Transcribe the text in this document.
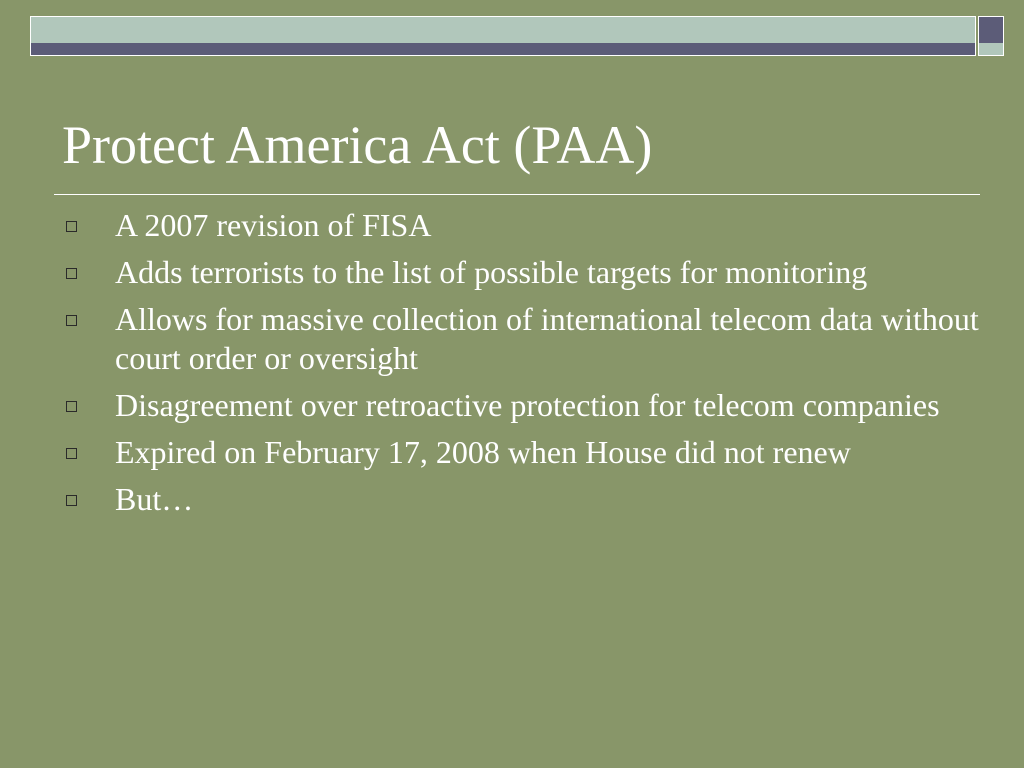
Protect America Act (PAA)
A 2007 revision of FISA
Adds terrorists to the list of possible targets for monitoring
Allows for massive collection of international telecom data without court order or oversight
Disagreement over retroactive protection for telecom companies
Expired on February 17, 2008 when House did not renew
But…
